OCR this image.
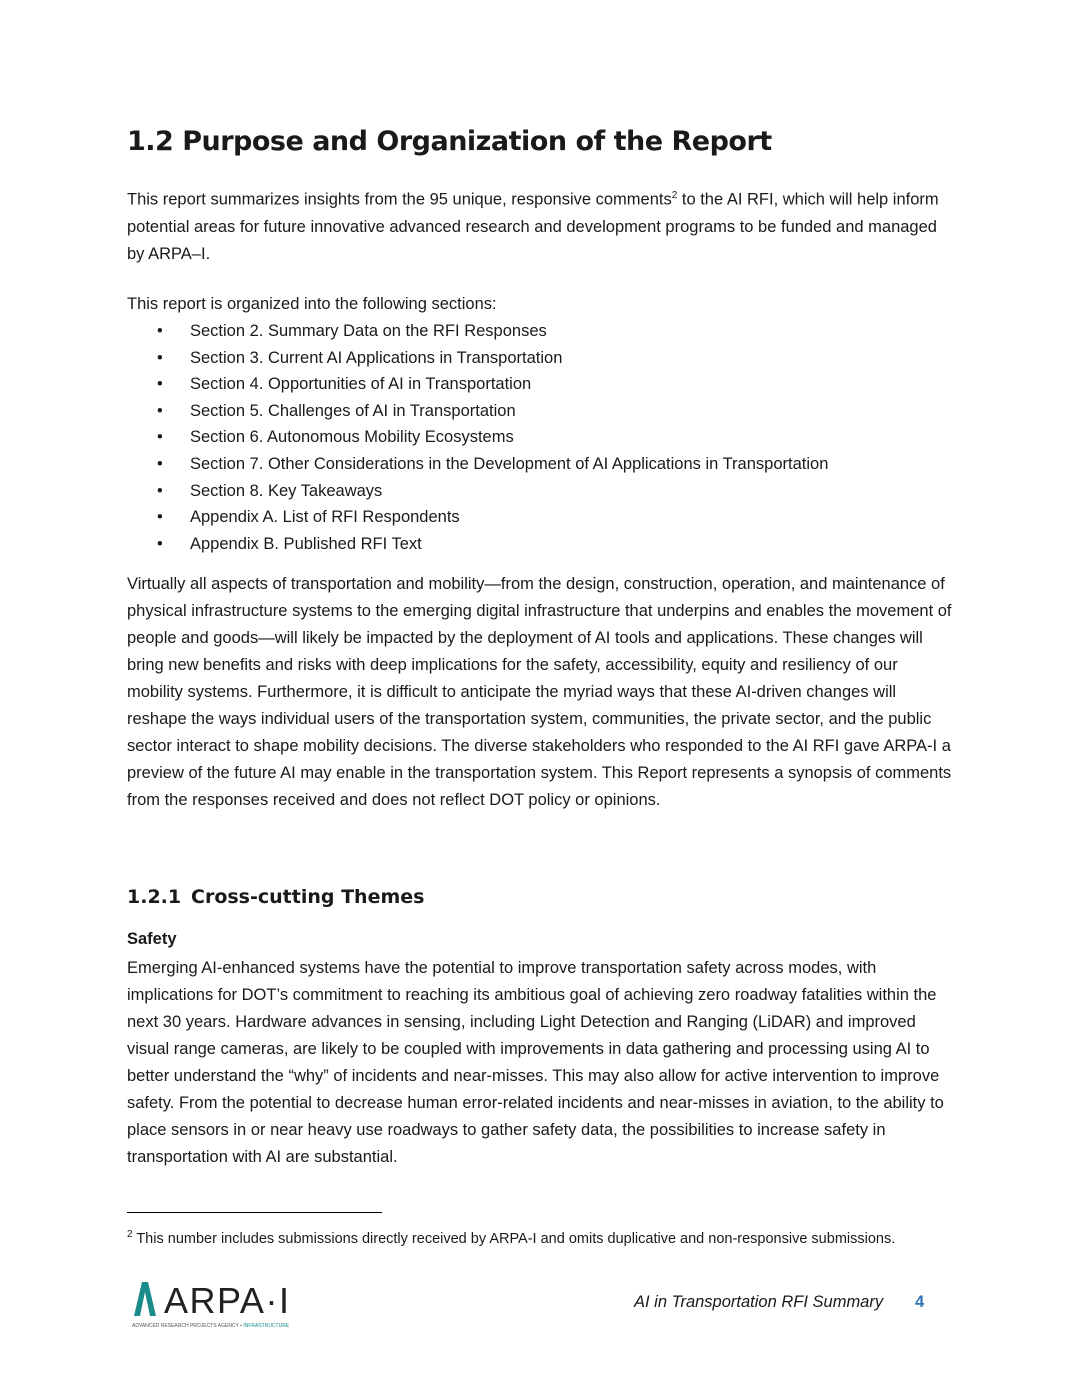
1.2 Purpose and Organization of the Report

This report summarizes insights from the 95 unique, responsive comments$^2$ to the AI RFI, which will help inform potential areas for future innovative advanced research and development programs to be funded and managed by ARPA–I.

This report is organized into the following sections:

• Section 2. Summary Data on the RFI Responses
• Section 3. Current AI Applications in Transportation
• Section 4. Opportunities of AI in Transportation
• Section 5. Challenges of AI in Transportation
• Section 6. Autonomous Mobility Ecosystems
• Section 7. Other Considerations in the Development of AI Applications in Transportation
• Section 8. Key Takeaways
• Appendix A. List of RFI Respondents
• Appendix B. Published RFI Text

Virtually all aspects of transportation and mobility—from the design, construction, operation, and maintenance of physical infrastructure systems to the emerging digital infrastructure that underpins and enables the movement of people and goods—will likely be impacted by the deployment of AI tools and applications. These changes will bring new benefits and risks with deep implications for the safety, accessibility, equity and resiliency of our mobility systems. Furthermore, it is difficult to anticipate the myriad ways that these AI-driven changes will reshape the ways individual users of the transportation system, communities, the private sector, and the public sector interact to shape mobility decisions. The diverse stakeholders who responded to the AI RFI gave ARPA-I a preview of the future AI may enable in the transportation system. This Report represents a synopsis of comments from the responses received and does not reflect DOT policy or opinions.

1.2.1 Cross-cutting Themes
Safety

Emerging AI-enhanced systems have the potential to improve transportation safety across modes, with implications for DOT’s commitment to reaching its ambitious goal of achieving zero roadway fatalities within the next 30 years. Hardware advances in sensing, including Light Detection and Ranging (LiDAR) and improved visual range cameras, are likely to be coupled with improvements in data gathering and processing using AI to better understand the “why” of incidents and near-misses. This may also allow for active intervention to improve safety. From the potential to decrease human error-related incidents and near-misses in aviation, to the ability to place sensors in or near heavy use roadways to gather safety data, the possibilities to increase safety in transportation with AI are substantial.

$^2$ This number includes submissions directly received by ARPA-I and omits duplicative and non-responsive submissions.
ARPA·I
ADVANCED RESEARCH PROJECTS AGENCY • INFRASTRUCTURE
AI in Transportation RFI Summary 4
